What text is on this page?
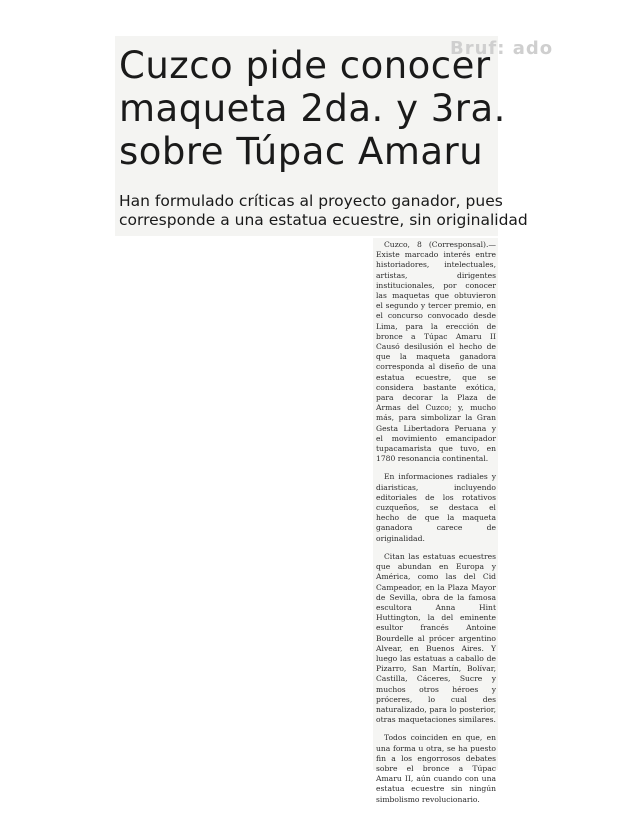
Bruf: ado
Cuzco pide conocer
maqueta 2da. y 3ra.
sobre Túpac Amaru
Han formulado críticas al proyecto ganador, pues
corresponde a una estatua ecuestre, sin originalidad

Cuzco, 8 (Corresponsal).— Existe marcado interés entre historiadores, intelectuales, artistas, dirigentes institucionales, por conocer las maquetas que obtuvieron el segundo y tercer premio, en el concurso convocado desde Lima, para la erección de bronce a Túpac Amaru II Causó desilusión el hecho de que la maqueta ganadora corresponda al diseño de una estatua ecuestre, que se considera bastante exótica, para decorar la Plaza de Armas del Cuzco; y, mucho más, para simbolizar la Gran Gesta Libertadora Peruana y el movimiento emancipador tupacamarista que tuvo, en 1780 resonancia continental.

En informaciones radiales y diaristicas, incluyendo editoriales de los rotativos cuzqueños, se destaca el hecho de que la maqueta ganadora carece de originalidad.

Citan las estatuas ecuestres que abundan en Europa y América, como las del Cid Campeador, en la Plaza Mayor de Sevilla, obra de la famosa escultora Anna Hint Huttington, la del eminente esultor francés Antoine Bourdelle al prócer argentino Alvear, en Buenos Aires. Y luego las estatuas a caballo de Pizarro, San Martín, Bolívar, Castilla, Cáceres, Sucre y muchos otros héroes y próceres, lo cual des naturalizado, para lo posterior, otras maquetaciones similares.

Todos coinciden en que, en una forma u otra, se ha puesto fin a los engorrosos debates sobre el bronce a Túpac Amaru II, aún cuando con una estatua ecuestre sin ningún simbolismo revolucionario.
